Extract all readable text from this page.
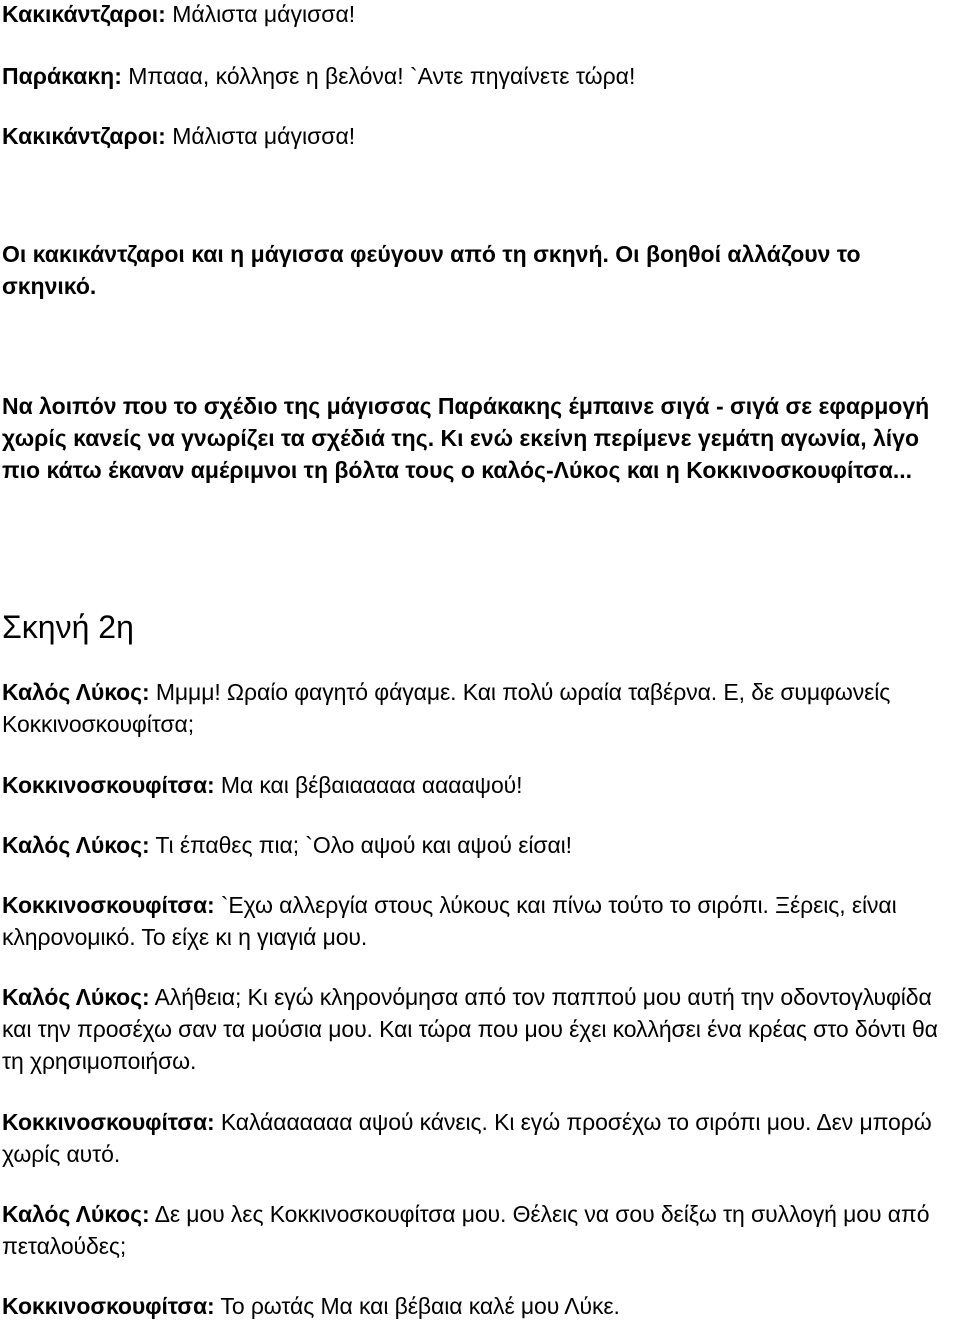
Κακικάντζαροι: Μάλιστα μάγισσα!

Παράκακη: Μπααα, κόλλησε η βελόνα! `Αντε πηγαίνετε τώρα!

Κακικάντζαροι: Μάλιστα μάγισσα!

Οι κακικάντζαροι και η μάγισσα φεύγουν από τη σκηνή. Οι βοηθοί αλλάζουν το σκηνικό.

Να λοιπόν που το σχέδιο της μάγισσας Παράκακης έμπαινε σιγά - σιγά σε εφαρμογή χωρίς κανείς να γνωρίζει τα σχέδιά της. Κι ενώ εκείνη περίμενε γεμάτη αγωνία, λίγο πιο κάτω έκαναν αμέριμνοι τη βόλτα τους ο καλός-Λύκος και η Κοκκινοσκουφίτσα...

Σκηνή 2η

Καλός Λύκος: Μμμμ! Ωραίο φαγητό φάγαμε. Και πολύ ωραία ταβέρνα. Ε, δε συμφωνείς Κοκκινοσκουφίτσα;

Κοκκινοσκουφίτσα: Μα και βέβαιααααα ααααψού!

Καλός Λύκος: Τι έπαθες πια; `Ολο αψού και αψού είσαι!

Κοκκινοσκουφίτσα: `Εχω αλλεργία στους λύκους και πίνω τούτο το σιρόπι. Ξέρεις, είναι κληρονομικό. Το είχε κι η γιαγιά μου.

Καλός Λύκος: Αλήθεια; Κι εγώ κληρονόμησα από τον παππού μου αυτή την οδοντογλυφίδα και την προσέχω σαν τα μούσια μου. Και τώρα που μου έχει κολλήσει ένα κρέας στο δόντι θα τη χρησιμοποιήσω.

Κοκκινοσκουφίτσα: Καλάαααααα αψού κάνεις. Κι εγώ προσέχω το σιρόπι μου. Δεν μπορώ χωρίς αυτό.

Καλός Λύκος: Δε μου λες Κοκκινοσκουφίτσα μου. Θέλεις να σου δείξω τη συλλογή μου από πεταλούδες;

Κοκκινοσκουφίτσα: Το ρωτάς Μα και βέβαια καλέ μου Λύκε.
